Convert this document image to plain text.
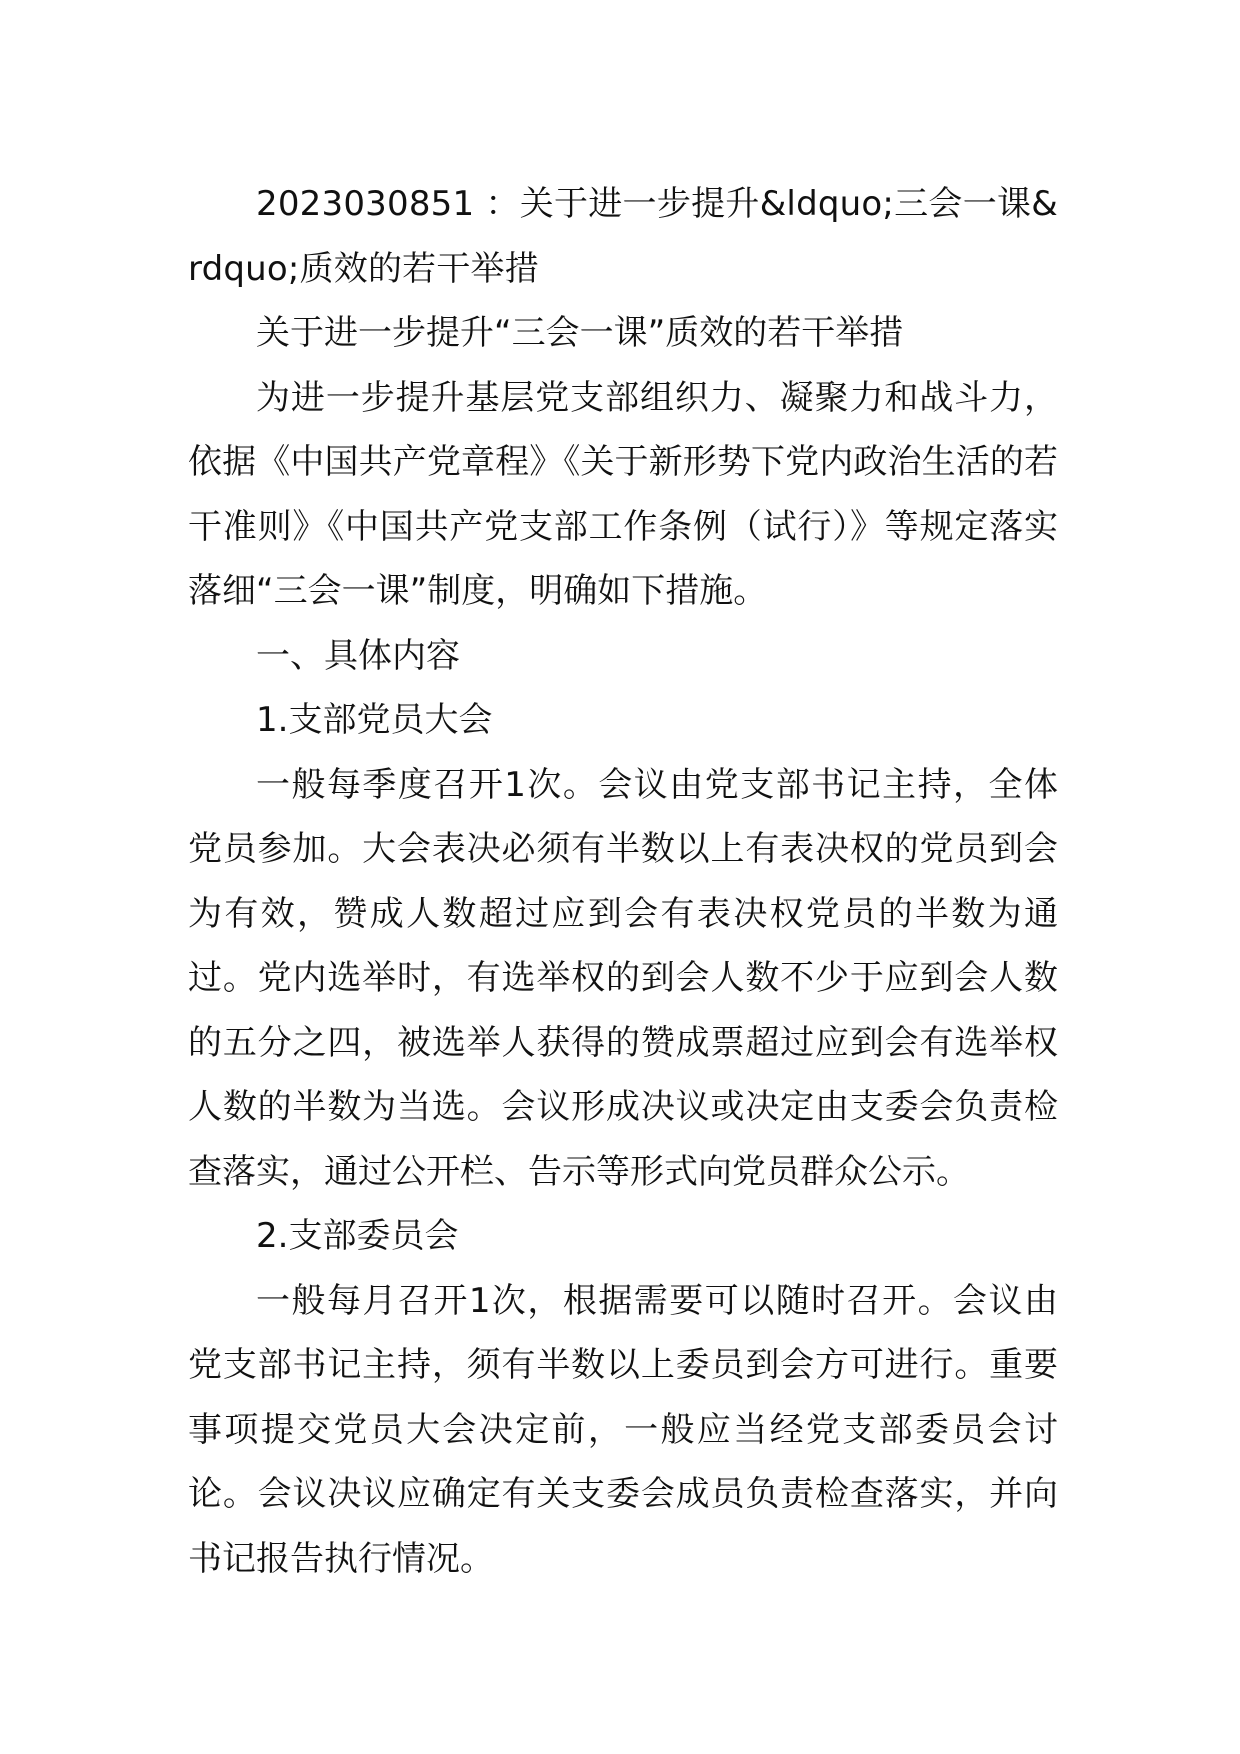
2023030851 ：关于进一步提升&ldquo;三会一课&rdquo;质效的若干举措

关于进一步提升“三会一课”质效的若干举措

为进一步提升基层党支部组织力、凝聚力和战斗力，依据《中国共产党章程》《关于新形势下党内政治生活的若干准则》《中国共产党支部工作条例（试行）》等规定落实落细“三会一课”制度，明确如下措施。

一、具体内容

1.支部党员大会

一般每季度召开1次。会议由党支部书记主持，全体党员参加。大会表决必须有半数以上有表决权的党员到会为有效，赞成人数超过应到会有表决权党员的半数为通过。党内选举时，有选举权的到会人数不少于应到会人数的五分之四，被选举人获得的赞成票超过应到会有选举权人数的半数为当选。会议形成决议或决定由支委会负责检查落实，通过公开栏、告示等形式向党员群众公示。

2.支部委员会

一般每月召开1次，根据需要可以随时召开。会议由党支部书记主持，须有半数以上委员到会方可进行。重要事项提交党员大会决定前，一般应当经党支部委员会讨论。会议决议应确定有关支委会成员负责检查落实，并向书记报告执行情况。
